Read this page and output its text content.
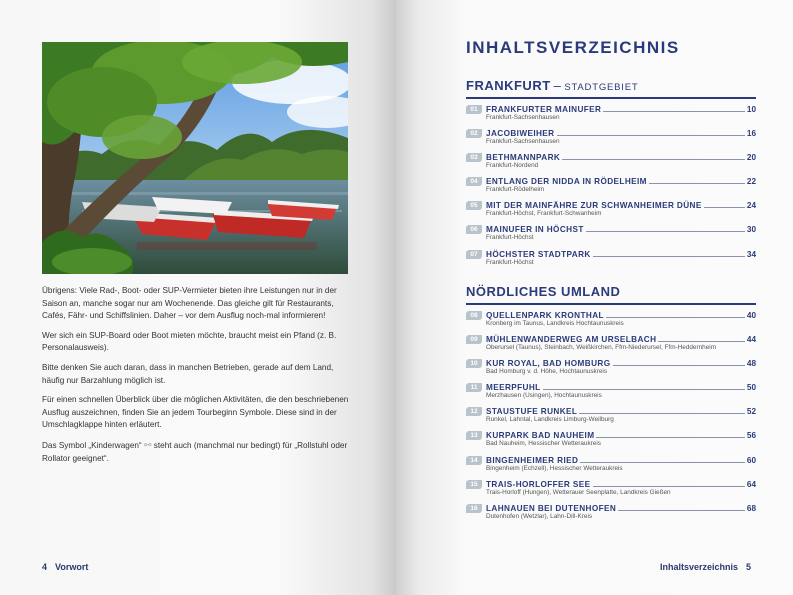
Übrigens: Viele Rad-, Boot- oder SUP-Vermieter bieten ihre Leistungen nur in der Saison an, manche sogar nur am Wochenende. Das gleiche gilt für Restaurants, Cafés, Fähr- und Schiffslinien. Daher – vor dem Ausflug noch-mal informieren!

Wer sich ein SUP-Board oder Boot mieten möchte, braucht meist ein Pfand (z. B. Personalausweis).

Bitte denken Sie auch daran, dass in manchen Betrieben, gerade auf dem Land, häufig nur Barzahlung möglich ist.

Für einen schnellen Überblick über die möglichen Aktivitäten, die den beschriebenen Ausflug auszeichnen, finden Sie an jedem Tourbeginn Symbole. Diese sind in der Umschlagklappe hinten erläutert.

Das Symbol „Kinderwagen“ ⚯ steht auch (manchmal nur bedingt) für „Rollstuhl oder Rollator geeignet“.

4 Vorwort
INHALTSVERZEICHNIS
FRANKFURT – STADTGEBIET
01	FRANKFURTER MAINUFER	10
Frankfurt-Sachsenhausen
02	JACOBIWEIHER	16
Frankfurt-Sachsenhausen
03	BETHMANNPARK	20
Frankfurt-Nordend
04	ENTLANG DER NIDDA IN RÖDELHEIM	22
Frankfurt-Rödelheim
05	MIT DER MAINFÄHRE ZUR SCHWANHEIMER DÜNE	24
Frankfurt-Höchst, Frankfurt-Schwanheim
06	MAINUFER IN HÖCHST	30
Frankfurt-Höchst
07	HÖCHSTER STADTPARK	34
Frankfurt-Höchst
NÖRDLICHES UMLAND
08	QUELLENPARK KRONTHAL	40
Kronberg im Taunus, Landkreis Hochtaunuskreis
09	MÜHLENWANDERWEG AM URSELBACH	44
Oberursel (Taunus), Steinbach, Weißkirchen, Ffm-Niederursel, Ffm-Heddernheim
10	KUR ROYAL, BAD HOMBURG	48
Bad Homburg v. d. Höhe, Hochtaunuskreis
11	MEERPFUHL	50
Merzhausen (Usingen), Hochtaunuskreis
12	STAUSTUFE RUNKEL	52
Runkel, Lahntal, Landkreis Limburg-Weilburg
13	KURPARK BAD NAUHEIM	56
Bad Nauheim, Hessischer Wetteraukreis
14	BINGENHEIMER RIED	60
Bingenheim (Echzell), Hessischer Wetteraukreis
15	TRAIS-HORLOFFER SEE	64
Trais-Horloff (Hungen), Wetterauer Seenplatte, Landkreis Gießen
16	LAHNAUEN BEI DUTENHOFEN	68
Dutenhofen (Wetzlar), Lahn-Dill-Kreis
Inhaltsverzeichnis 5
